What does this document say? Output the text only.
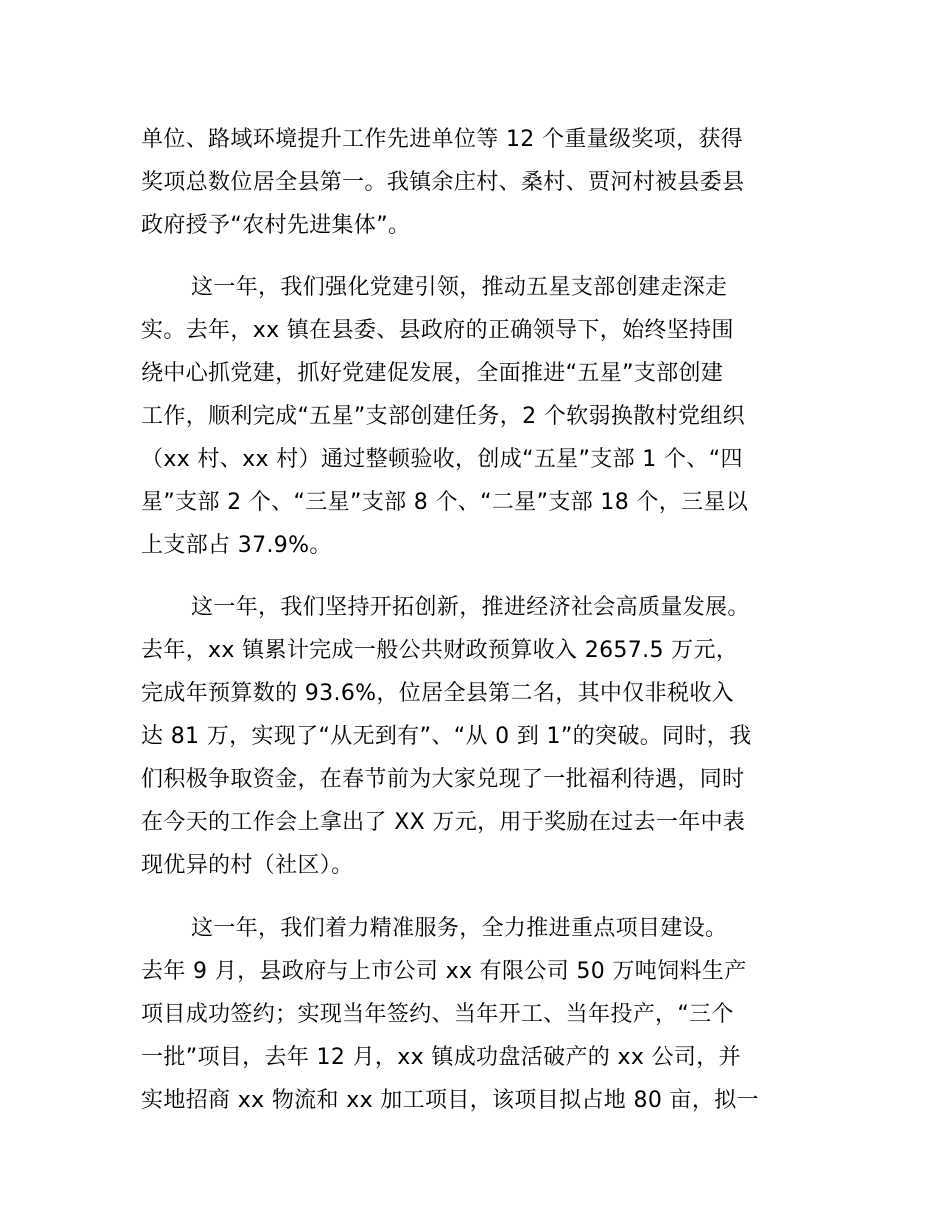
单位、路域环境提升工作先进单位等 12 个重量级奖项，获得
奖项总数位居全县第一。我镇余庄村、桑村、贾河村被县委县
政府授予“农村先进集体”。
这一年，我们强化党建引领，推动五星支部创建走深走
实。去年，xx 镇在县委、县政府的正确领导下，始终坚持围
绕中心抓党建，抓好党建促发展，全面推进“五星”支部创建
工作，顺利完成“五星”支部创建任务，2 个软弱换散村党组织
（xx 村、xx 村）通过整顿验收，创成“五星”支部 1 个、“四
星”支部 2 个、“三星”支部 8 个、“二星”支部 18 个，三星以
上支部占 37.9%。
这一年，我们坚持开拓创新，推进经济社会高质量发展。
去年，xx 镇累计完成一般公共财政预算收入 2657.5 万元，
完成年预算数的 93.6%，位居全县第二名，其中仅非税收入
达 81 万，实现了“从无到有”、“从 0 到 1”的突破。同时，我
们积极争取资金，在春节前为大家兑现了一批福利待遇，同时
在今天的工作会上拿出了 XX 万元，用于奖励在过去一年中表
现优异的村（社区）。
这一年，我们着力精准服务，全力推进重点项目建设。
去年 9 月，县政府与上市公司 xx 有限公司 50 万吨饲料生产
项目成功签约；实现当年签约、当年开工、当年投产，“三个
一批”项目，去年 12 月，xx 镇成功盘活破产的 xx 公司，并
实地招商 xx 物流和 xx 加工项目，该项目拟占地 80 亩，拟一
